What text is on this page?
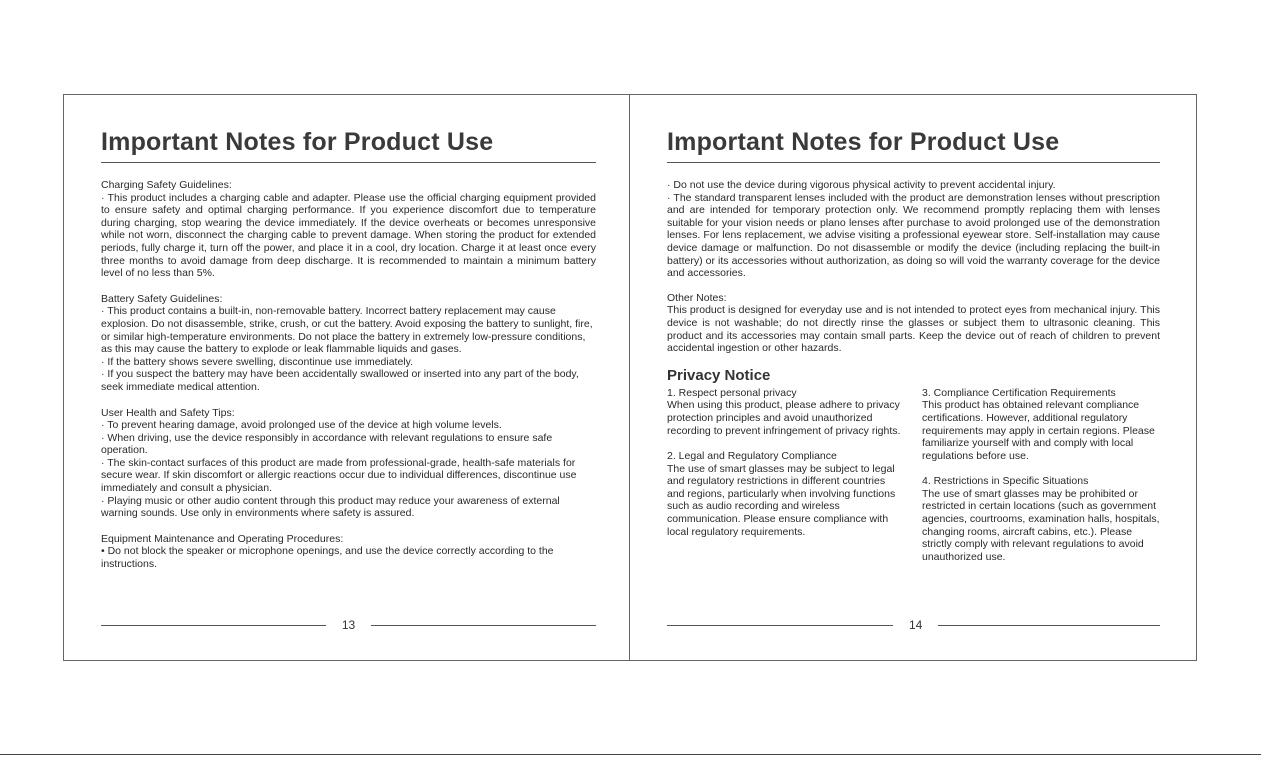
Important Notes for Product Use

Charging Safety Guidelines:

· This product includes a charging cable and adapter. Please use the official charging equipment provided to ensure safety and optimal charging performance. If you experience discomfort due to temperature during charging, stop wearing the device immediately. If the device overheats or becomes unresponsive while not worn, disconnect the charging cable to prevent damage. When storing the product for extended periods, fully charge it, turn off the power, and place it in a cool, dry location. Charge it at least once every three months to avoid damage from deep discharge. It is recommended to maintain a minimum battery level of no less than 5%.

Battery Safety Guidelines:

· This product contains a built-in, non-removable battery. Incorrect battery replacement may cause explosion. Do not disassemble, strike, crush, or cut the battery. Avoid exposing the battery to sunlight, fire, or similar high-temperature environments. Do not place the battery in extremely low-pressure conditions, as this may cause the battery to explode or leak flammable liquids and gases.

· If the battery shows severe swelling, discontinue use immediately.

· If you suspect the battery may have been accidentally swallowed or inserted into any part of the body, seek immediate medical attention.

User Health and Safety Tips:

· To prevent hearing damage, avoid prolonged use of the device at high volume levels.

· When driving, use the device responsibly in accordance with relevant regulations to ensure safe operation.

· The skin-contact surfaces of this product are made from professional-grade, health-safe materials for secure wear. If skin discomfort or allergic reactions occur due to individual differences, discontinue use immediately and consult a physician.

· Playing music or other audio content through this product may reduce your awareness of external warning sounds. Use only in environments where safety is assured.

Equipment Maintenance and Operating Procedures:

• Do not block the speaker or microphone openings, and use the device correctly according to the instructions.

13
Important Notes for Product Use

· Do not use the device during vigorous physical activity to prevent accidental injury.

· The standard transparent lenses included with the product are demonstration lenses without prescription and are intended for temporary protection only. We recommend promptly replacing them with lenses suitable for your vision needs or plano lenses after purchase to avoid prolonged use of the demonstration lenses. For lens replacement, we advise visiting a professional eyewear store. Self-installation may cause device damage or malfunction. Do not disassemble or modify the device (including replacing the built-in battery) or its accessories without authorization, as doing so will void the warranty coverage for the device and accessories.

Other Notes:

This product is designed for everyday use and is not intended to protect eyes from mechanical injury. This device is not washable; do not directly rinse the glasses or subject them to ultrasonic cleaning. This product and its accessories may contain small parts. Keep the device out of reach of children to prevent accidental ingestion or other hazards.

Privacy Notice

1. Respect personal privacy

When using this product, please adhere to privacy protection principles and avoid unauthorized recording to prevent infringement of privacy rights.

2. Legal and Regulatory Compliance

The use of smart glasses may be subject to legal and regulatory restrictions in different countries and regions, particularly when involving functions such as audio recording and wireless communication. Please ensure compliance with local regulatory requirements.

3. Compliance Certification Requirements

This product has obtained relevant compliance certifications. However, additional regulatory requirements may apply in certain regions. Please familiarize yourself with and comply with local regulations before use.

4. Restrictions in Specific Situations

The use of smart glasses may be prohibited or restricted in certain locations (such as government agencies, courtrooms, examination halls, hospitals, changing rooms, aircraft cabins, etc.). Please strictly comply with relevant regulations to avoid unauthorized use.

14
